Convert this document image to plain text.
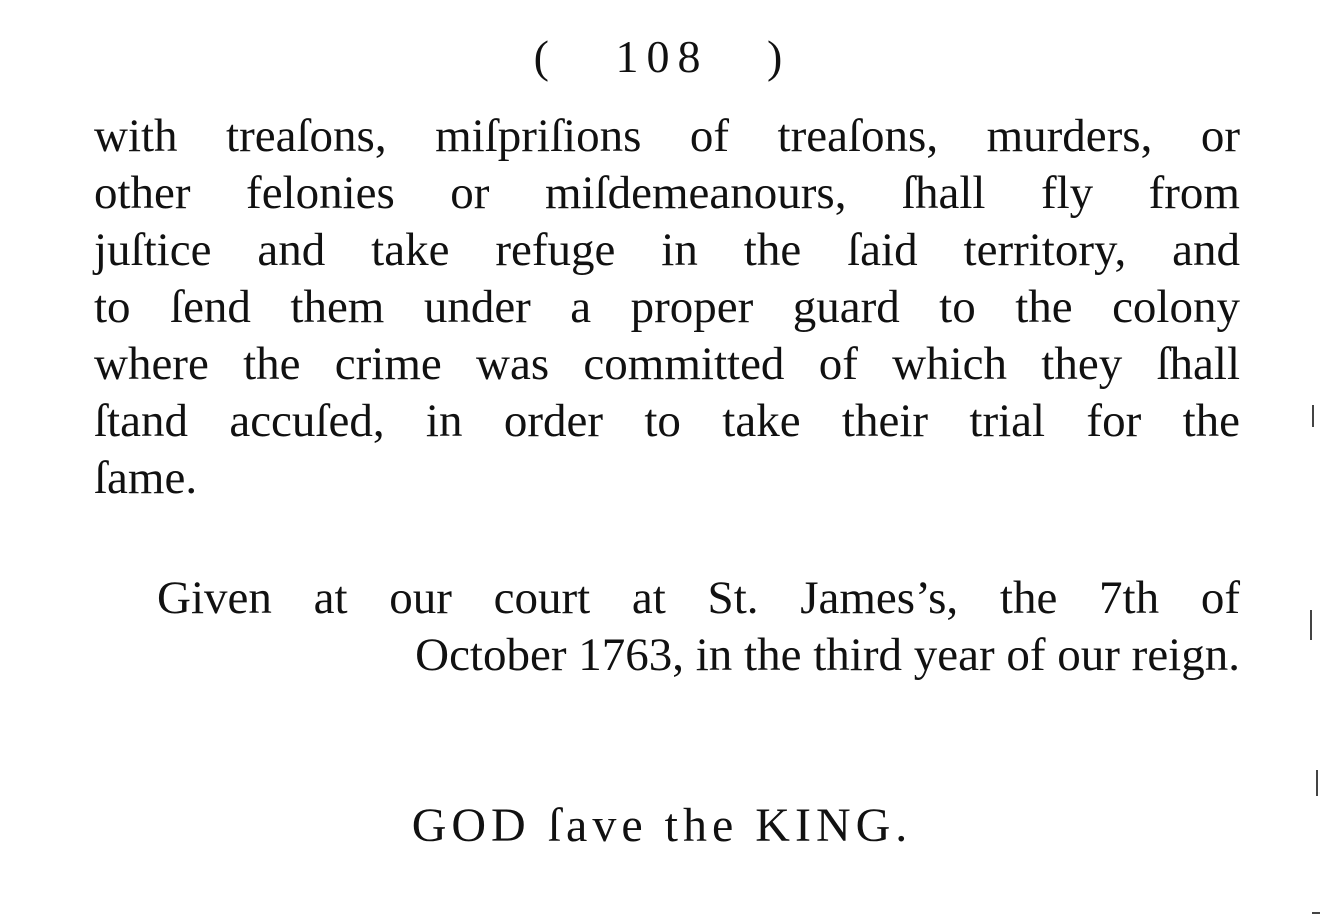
(   108   )
with treaſons, miſpriſions of treaſons, murders, or
other felonies or miſdemeanours, ſhall fly from
juſtice and take refuge in the ſaid territory, and
to ſend them under a proper guard to the colony
where the crime was committed of which they ſhall
ſtand accuſed, in order to take their trial for the
ſame.
Given at our court at St. James’s, the 7th of
October 1763, in the third year of our reign.
GOD ſave the KING.
